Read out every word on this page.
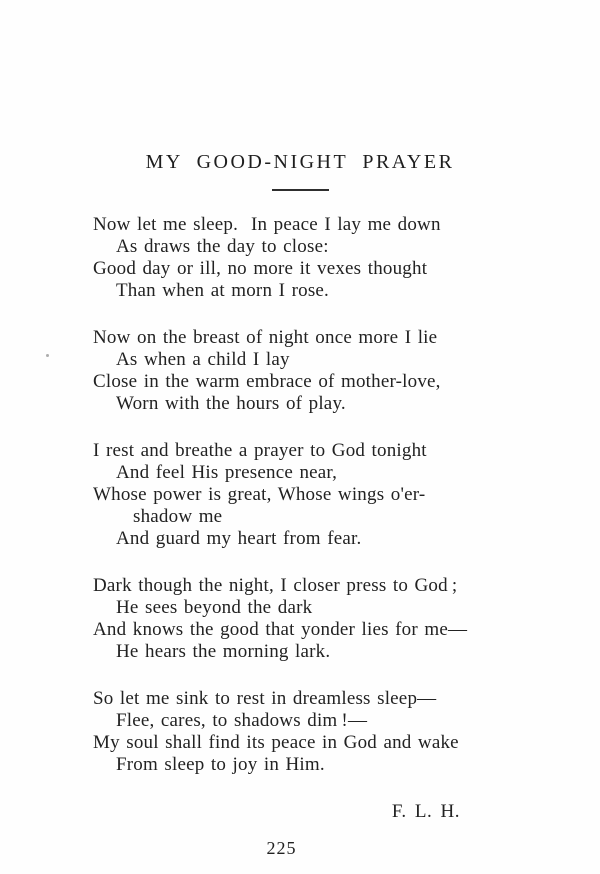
MY GOOD-NIGHT PRAYER
Now let me sleep.  In peace I lay me down
As draws the day to close:
Good day or ill, no more it vexes thought
Than when at morn I rose.
Now on the breast of night once more I lie
As when a child I lay
Close in the warm embrace of mother-love,
Worn with the hours of play.
I rest and breathe a prayer to God tonight
And feel His presence near,
Whose power is great, Whose wings o'er-
shadow me
And guard my heart from fear.
Dark though the night, I closer press to God ;
He sees beyond the dark
And knows the good that yonder lies for me—
He hears the morning lark.
So let me sink to rest in dreamless sleep—
Flee, cares, to shadows dim !—
My soul shall find its peace in God and wake
From sleep to joy in Him.
F. L. H.
225
